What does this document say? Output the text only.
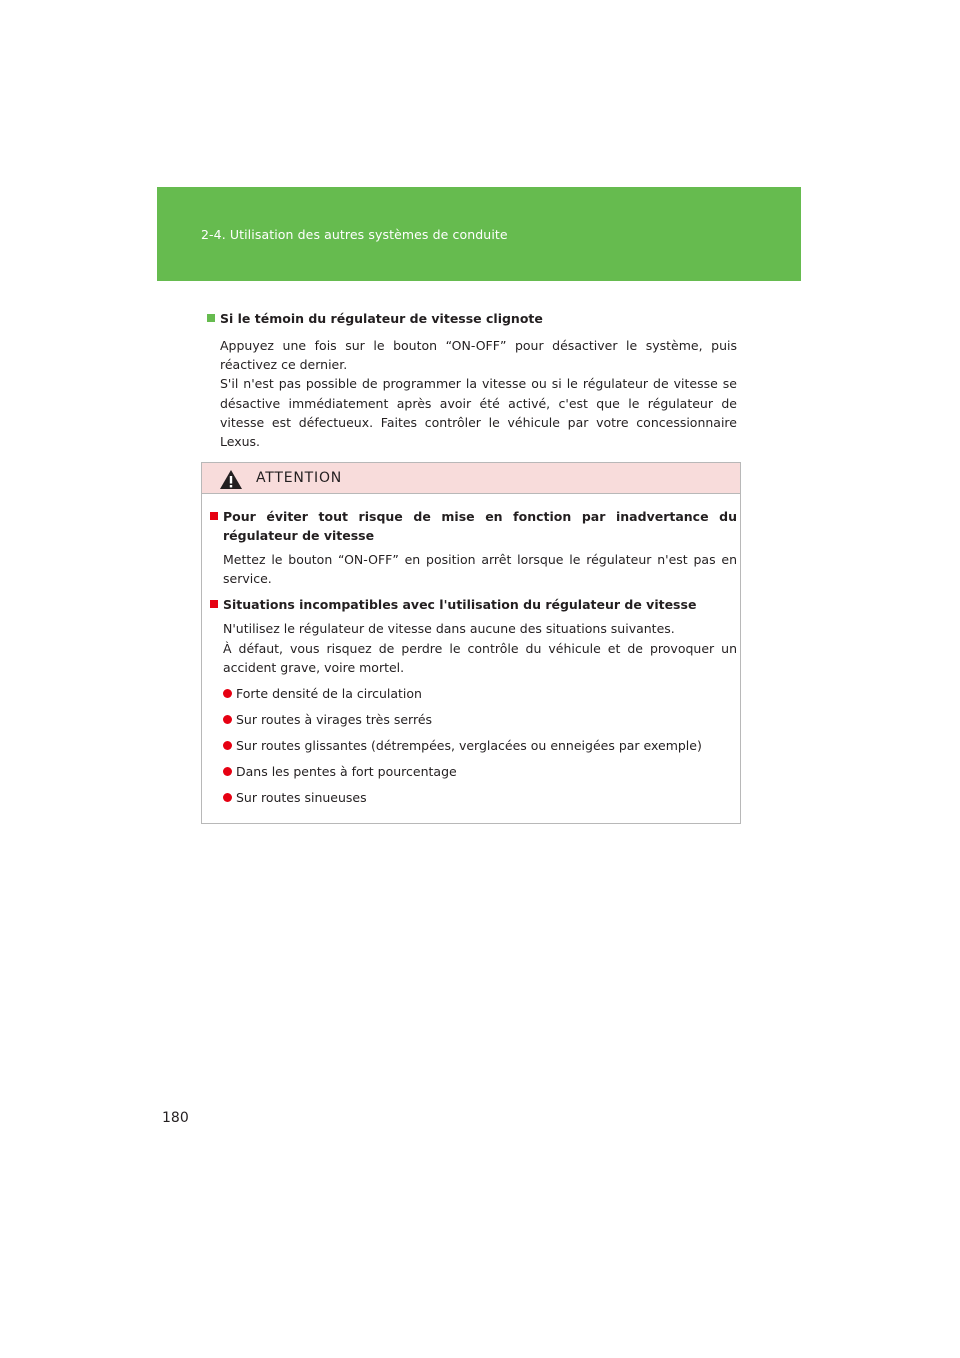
2-4. Utilisation des autres systèmes de conduite
Si le témoin du régulateur de vitesse clignote

Appuyez une fois sur le bouton “ON-OFF” pour désactiver le système, puis réactivez ce dernier.

S'il n'est pas possible de programmer la vitesse ou si le régulateur de vitesse se désactive immédiatement après avoir été activé, c'est que le régulateur de vitesse est défectueux. Faites contrôler le véhicule par votre concessionnaire Lexus.

ATTENTION
Pour éviter tout risque de mise en fonction par inadvertance du régulateur de vitesse

Mettez le bouton “ON-OFF” en position arrêt lorsque le régulateur n'est pas en service.

Situations incompatibles avec l'utilisation du régulateur de vitesse

N'utilisez le régulateur de vitesse dans aucune des situations suivantes.

À défaut, vous risquez de perdre le contrôle du véhicule et de provoquer un accident grave, voire mortel.

Forte densité de la circulation
Sur routes à virages très serrés
Sur routes glissantes (détrempées, verglacées ou enneigées par exemple)
Dans les pentes à fort pourcentage
Sur routes sinueuses
180
